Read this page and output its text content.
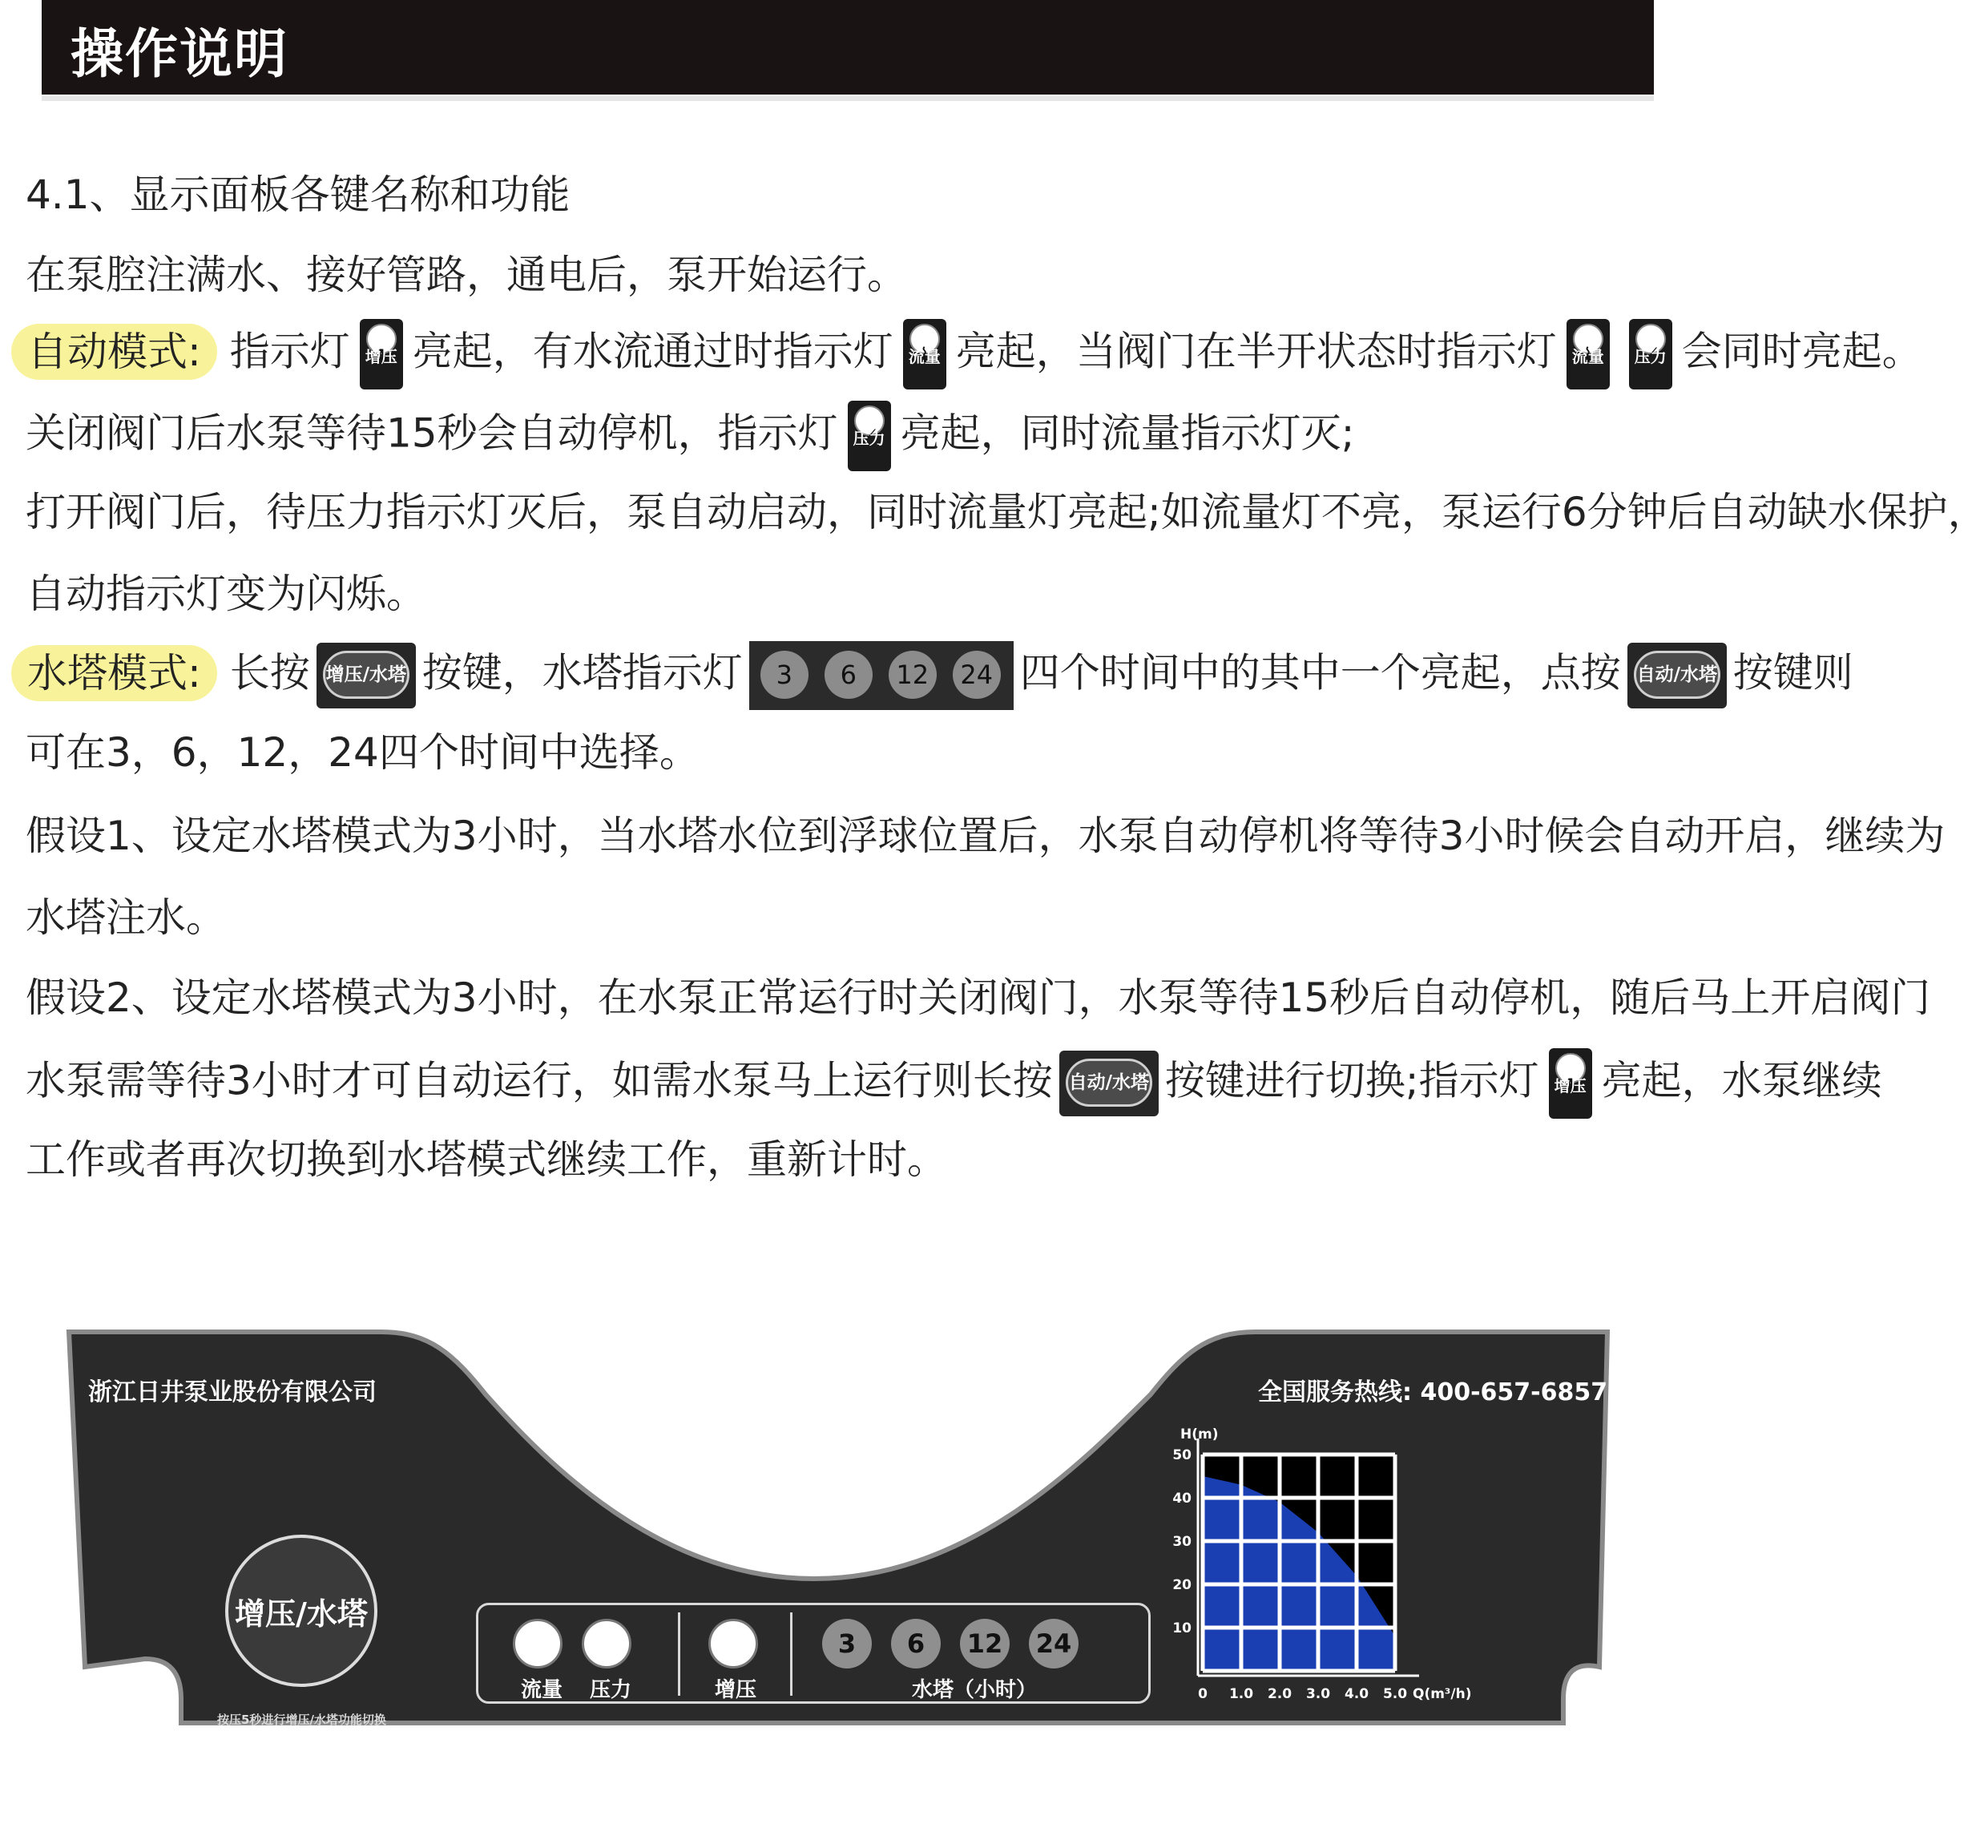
操作说明
4.1、显示面板各键名称和功能
在泵腔注满水、接好管路，通电后，泵开始运行。
自动模式: 指示灯
A 增压 亮起，有水流通过时指示灯
⌇ 流量 亮起，当阀门在半开状态时指示灯
⌇ 流量
⟋	压力 会同时亮起。
关闭阀门后水泵等待15秒会自动停机，指示灯
⟋ 压力 亮起，同时流量指示灯灭;
打开阀门后，待压力指示灯灭后，泵自动启动，同时流量灯亮起;如流量灯不亮，泵运行6分钟后自动缺水保护，
自动指示灯变为闪烁。
水塔模式: 长按 增压/水塔 按键，水塔指示灯	3	6	12	24 四个时间中的其中一个亮起，点按 自动/水塔 按键则
可在3，6，12，24四个时间中选择。
假设1、设定水塔模式为3小时，当水塔水位到浮球位置后，水泵自动停机将等待3小时候会自动开启，继续为
水塔注水。
假设2、设定水塔模式为3小时，在水泵正常运行时关闭阀门，水泵等待15秒后自动停机，随后马上开启阀门
水泵需等待3小时才可自动运行，如需水泵马上运行则长按 自动/水塔 按键进行切换;指示灯
A 增压 亮起，水泵继续
工作或者再次切换到水塔模式继续工作，重新计时。
浙江日井泵业股份有限公司	全国服务热线: 400-657-6857
增压/水塔
按压5秒进行增压/水塔功能切换
3	6	12 24
流量 压力	增压	水塔（小时）
50
40
30
20
10
0 1.0 2.0 3.0 4.0 5.0
H(m)
Q(m³/h)
